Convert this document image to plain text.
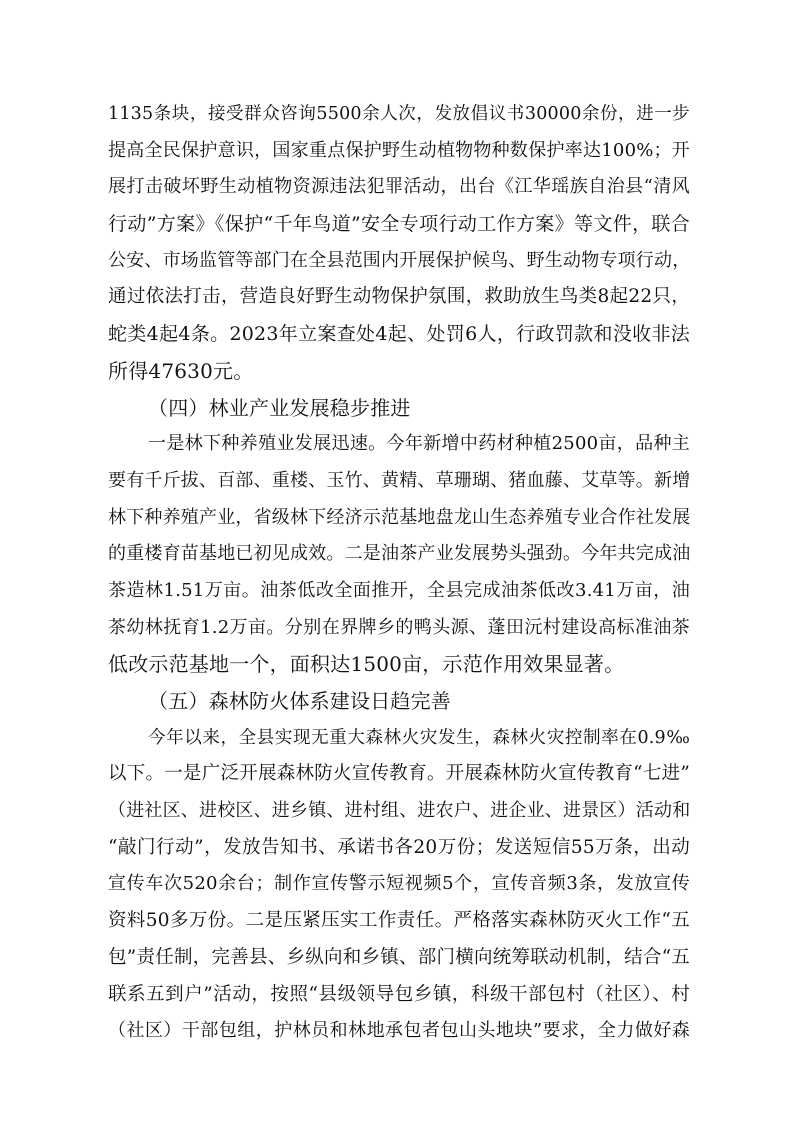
1135条块，接受群众咨询5500余人次，发放倡议书30000余份，进一步
提高全民保护意识，国家重点保护野生动植物物种数保护率达100%；开
展打击破坏野生动植物资源违法犯罪活动，出台《江华瑶族自治县“清风
行动”方案》《保护“千年鸟道”安全专项行动工作方案》等文件，联合
公安、市场监管等部门在全县范围内开展保护候鸟、野生动物专项行动，
通过依法打击，营造良好野生动物保护氛围，救助放生鸟类8起22只，
蛇类4起4条。2023年立案查处4起、处罚6人，行政罚款和没收非法
所得47630元。
（四）林业产业发展稳步推进
一是林下种养殖业发展迅速。今年新增中药材种植2500亩，品种主
要有千斤拔、百部、重楼、玉竹、黄精、草珊瑚、猪血藤、艾草等。新增
林下种养殖产业，省级林下经济示范基地盘龙山生态养殖专业合作社发展
的重楼育苗基地已初见成效。二是油茶产业发展势头强劲。今年共完成油
茶造林1.51万亩。油茶低改全面推开，全县完成油茶低改3.41万亩，油
茶幼林抚育1.2万亩。分别在界牌乡的鸭头源、蓬田沅村建设高标准油茶
低改示范基地一个，面积达1500亩，示范作用效果显著。
（五）森林防火体系建设日趋完善
今年以来，全县实现无重大森林火灾发生，森林火灾控制率在0.9‰
以下。一是广泛开展森林防火宣传教育。开展森林防火宣传教育“七进”
（进社区、进校区、进乡镇、进村组、进农户、进企业、进景区）活动和
“敲门行动”，发放告知书、承诺书各20万份；发送短信55万条，出动
宣传车次520余台；制作宣传警示短视频5个，宣传音频3条，发放宣传
资料50多万份。二是压紧压实工作责任。严格落实森林防灭火工作“五
包”责任制，完善县、乡纵向和乡镇、部门横向统筹联动机制，结合“五
联系五到户”活动，按照“县级领导包乡镇，科级干部包村（社区）、村
（社区）干部包组，护林员和林地承包者包山头地块”要求，全力做好森
